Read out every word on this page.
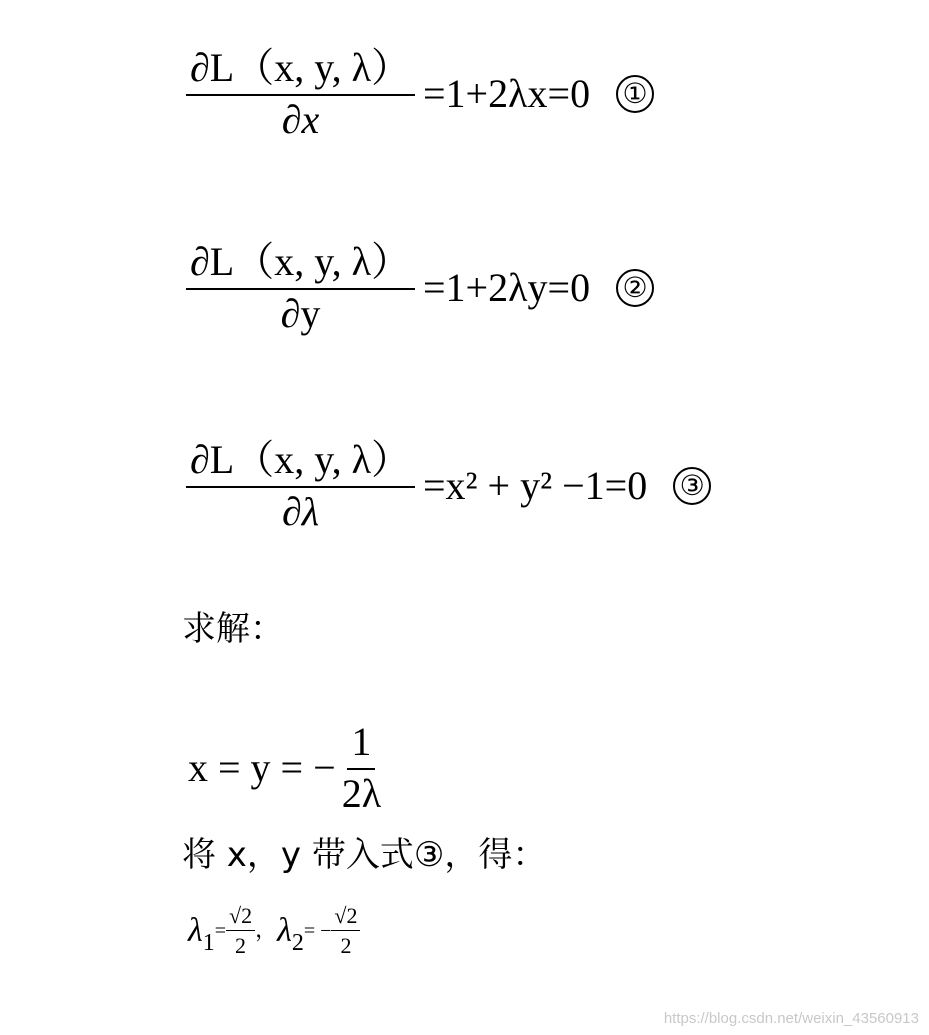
$\frac{\partial L(x, y, \lambda)}{\partial x} =1+2\lambda x=0$ ①
$\frac{\partial L(x, y, \lambda)}{\partial y} =1+2\lambda y=0$ ②
$\frac{\partial L(x, y, \lambda)}{\partial\lambda} =x^2 + y^2 -1=0$ ③
求解：
x = y = − $\frac{1}{2\lambda}$
将 x，y 带入式③，得：
λ $1 = \frac{√2}{2}$ ， λ 2 = − $\frac{√2}{2}$
https://blog.csdn.net/weixin_43560913
